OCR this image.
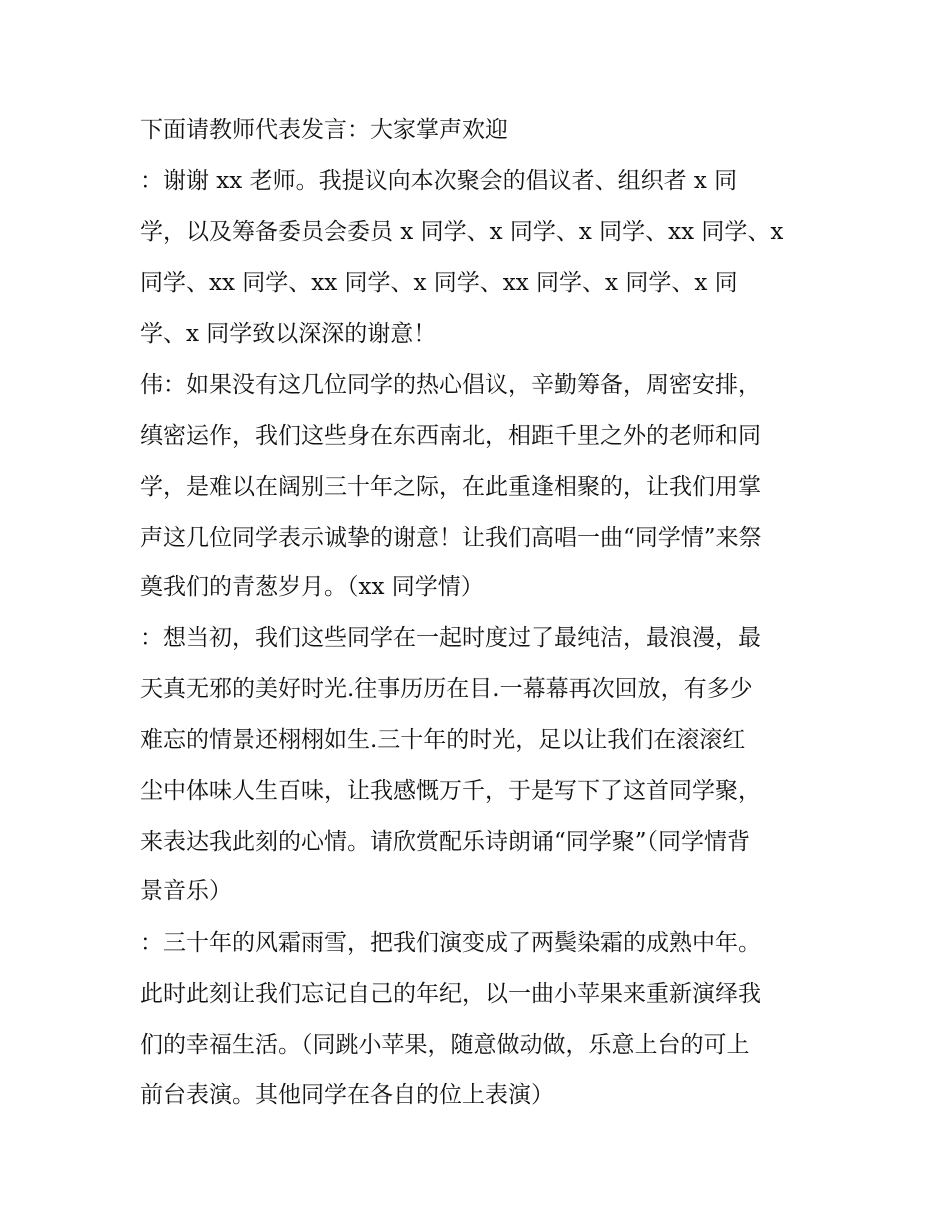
下面请教师代表发言：大家掌声欢迎
：谢谢 xx 老师。我提议向本次聚会的倡议者、组织者 x 同
学，以及筹备委员会委员 x 同学、x 同学、x 同学、xx 同学、x
同学、xx 同学、xx 同学、x 同学、xx 同学、x 同学、x 同
学、x 同学致以深深的谢意！
伟：如果没有这几位同学的热心倡议，辛勤筹备，周密安排，
缜密运作，我们这些身在东西南北，相距千里之外的老师和同
学，是难以在阔别三十年之际，在此重逢相聚的，让我们用掌
声这几位同学表示诚挚的谢意！让我们高唱一曲“同学情”来祭
奠我们的青葱岁月。（xx 同学情）
：想当初，我们这些同学在一起时度过了最纯洁，最浪漫，最
天真无邪的美好时光.往事历历在目.一幕幕再次回放，有多少
难忘的情景还栩栩如生.三十年的时光，足以让我们在滚滚红
尘中体味人生百味，让我感慨万千，于是写下了这首同学聚，
来表达我此刻的心情。请欣赏配乐诗朗诵“同学聚”（同学情背
景音乐）
：三十年的风霜雨雪，把我们演变成了两鬓染霜的成熟中年。
此时此刻让我们忘记自己的年纪，以一曲小苹果来重新演绎我
们的幸福生活。（同跳小苹果，随意做动做，乐意上台的可上
前台表演。其他同学在各自的位上表演）
